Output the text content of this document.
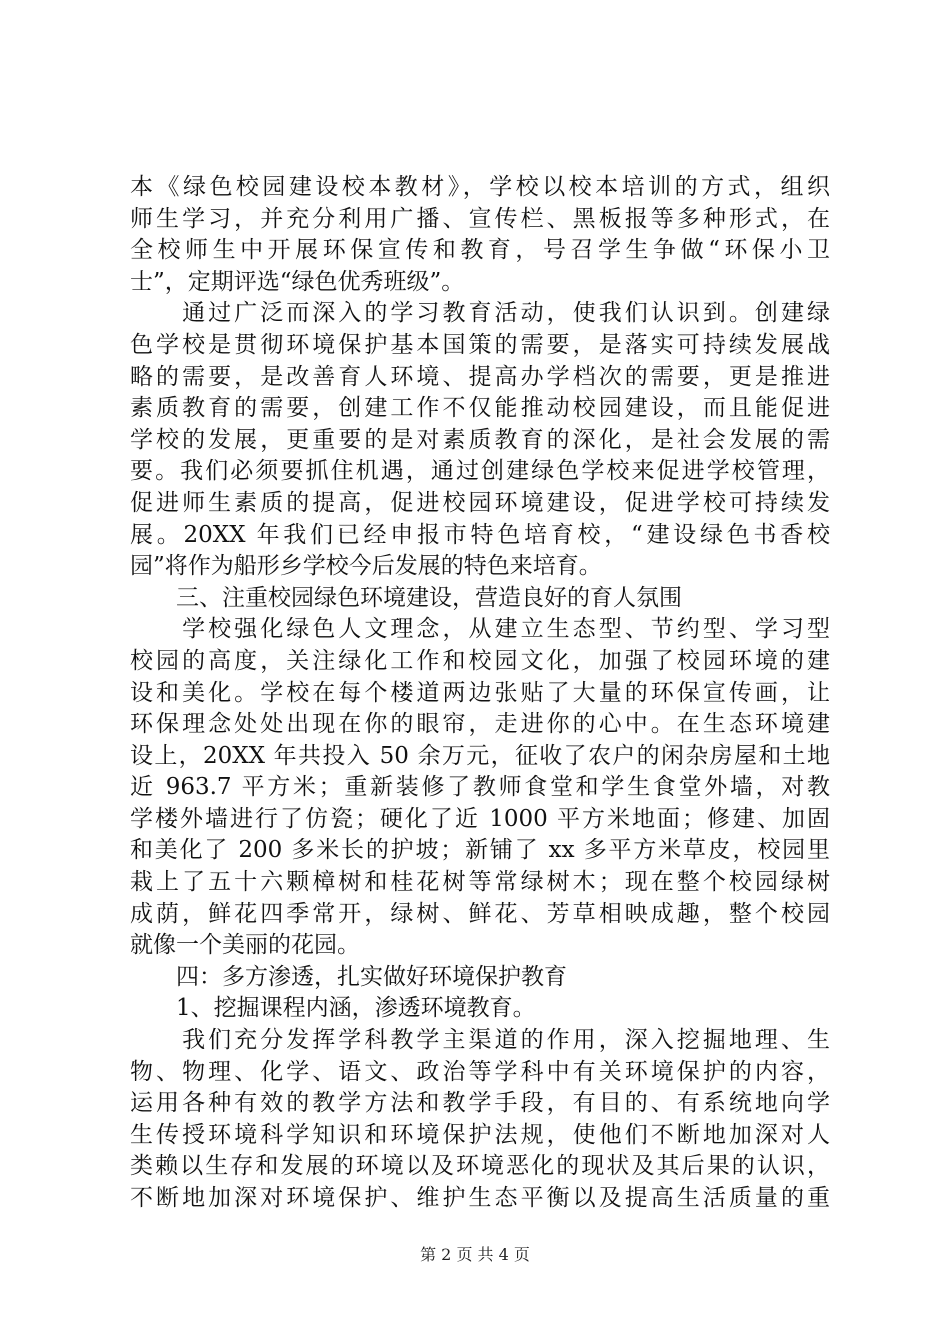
本《绿色校园建设校本教材》，学校以校本培训的方式，组织
师生学习，并充分利用广播、宣传栏、黑板报等多种形式，在
全校师生中开展环保宣传和教育，号召学生争做“环保小卫
士”，定期评选“绿色优秀班级”。
　　通过广泛而深入的学习教育活动，使我们认识到。创建绿
色学校是贯彻环境保护基本国策的需要，是落实可持续发展战
略的需要，是改善育人环境、提高办学档次的需要，更是推进
素质教育的需要，创建工作不仅能推动校园建设，而且能促进
学校的发展，更重要的是对素质教育的深化，是社会发展的需
要。我们必须要抓住机遇，通过创建绿色学校来促进学校管理，
促进师生素质的提高，促进校园环境建设，促进学校可持续发
展。20XX 年我们已经申报市特色培育校，“建设绿色书香校
园”将作为船形乡学校今后发展的特色来培育。
　　三、注重校园绿色环境建设，营造良好的育人氛围
　　学校强化绿色人文理念，从建立生态型、节约型、学习型
校园的高度，关注绿化工作和校园文化，加强了校园环境的建
设和美化。学校在每个楼道两边张贴了大量的环保宣传画，让
环保理念处处出现在你的眼帘，走进你的心中。在生态环境建
设上，20XX 年共投入 50 余万元，征收了农户的闲杂房屋和土地
近 963.7 平方米；重新装修了教师食堂和学生食堂外墙，对教
学楼外墙进行了仿瓷；硬化了近 1000 平方米地面；修建、加固
和美化了 200 多米长的护坡；新铺了 xx 多平方米草皮，校园里
栽上了五十六颗樟树和桂花树等常绿树木；现在整个校园绿树
成荫，鲜花四季常开，绿树、鲜花、芳草相映成趣，整个校园
就像一个美丽的花园。
　　四：多方渗透，扎实做好环境保护教育
　　1、挖掘课程内涵，渗透环境教育。
　　我们充分发挥学科教学主渠道的作用，深入挖掘地理、生
物、物理、化学、语文、政治等学科中有关环境保护的内容，
运用各种有效的教学方法和教学手段，有目的、有系统地向学
生传授环境科学知识和环境保护法规，使他们不断地加深对人
类赖以生存和发展的环境以及环境恶化的现状及其后果的认识，
不断地加深对环境保护、维护生态平衡以及提高生活质量的重
第 2 页 共 4 页
